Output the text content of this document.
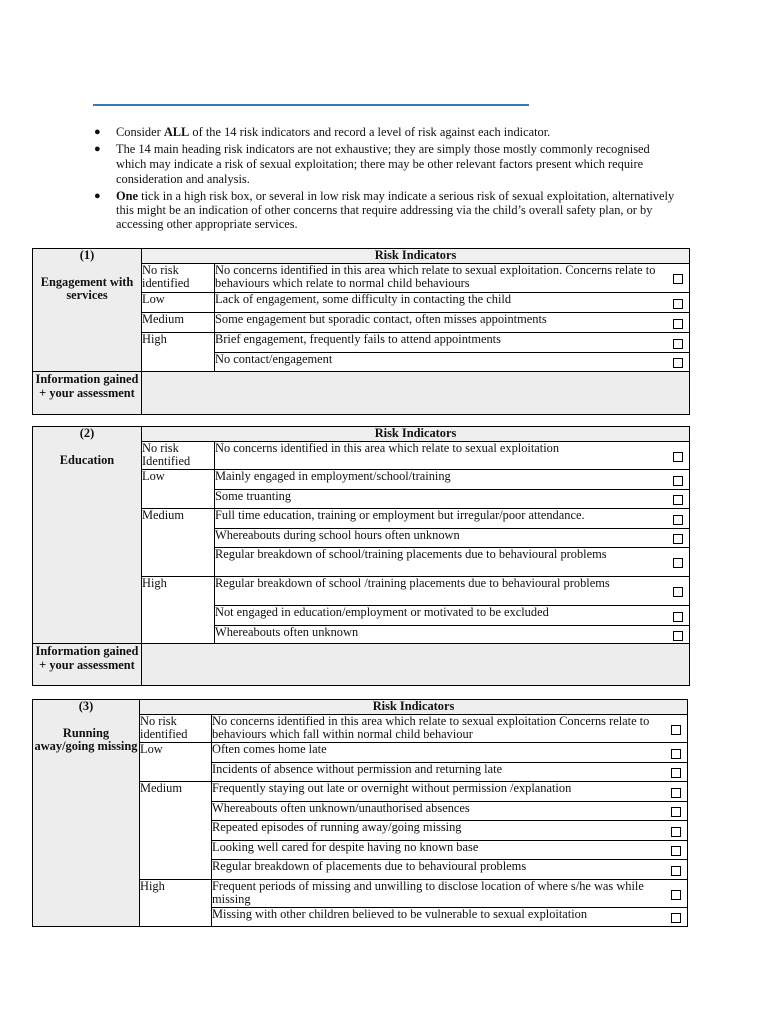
● Consider ALL of the 14 risk indicators and record a level of risk against each indicator.
● The 14 main heading risk indicators are not exhaustive; they are simply those mostly commonly recognised which may indicate a risk of sexual exploitation; there may be other relevant factors present which require consideration and analysis.
● One tick in a high risk box, or several in low risk may indicate a serious risk of sexual exploitation, alternatively this might be an indication of other concerns that require addressing via the child’s overall safety plan, or by accessing other appropriate services.
(1)
Engagement with services	Risk Indicators	
	No risk identified	No concerns identified in this area which relate to sexual exploitation. Concerns relate to behaviours which relate to normal child behaviours

	Low	Lack of engagement, some difficulty in contacting the child

	Medium	Some engagement but sporadic contact, often misses appointments

	High	Brief engagement, frequently fails to attend appointments

		No contact/engagement

Information gained + your assessment		
(2)
Education	Risk Indicators	
	No risk Identified	No concerns identified in this area which relate to sexual exploitation

	Low	Mainly engaged in employment/school/training

		Some truanting

	Medium	Full time education, training or employment but irregular/poor attendance.

		Whereabouts during school hours often unknown

		Regular breakdown of school/training placements due to behavioural problems

	High	Regular breakdown of school /training placements due to behavioural problems

		Not engaged in education/employment or motivated to be excluded

		Whereabouts often unknown

Information gained + your assessment		
(3)
Running away/going missing	Risk Indicators	
	No risk identified	No concerns identified in this area which relate to sexual exploitation Concerns relate to behaviours which fall within normal child behaviour

	Low	Often comes home late

		Incidents of absence without permission and returning late

	Medium	Frequently staying out late or overnight without permission /explanation

		Whereabouts often unknown/unauthorised absences

		Repeated episodes of running away/going missing

		Looking well cared for despite having no known base

		Regular breakdown of placements due to behavioural problems

	High	Frequent periods of missing and unwilling to disclose location of where s/he was while missing

		Missing with other children believed to be vulnerable to sexual exploitation
